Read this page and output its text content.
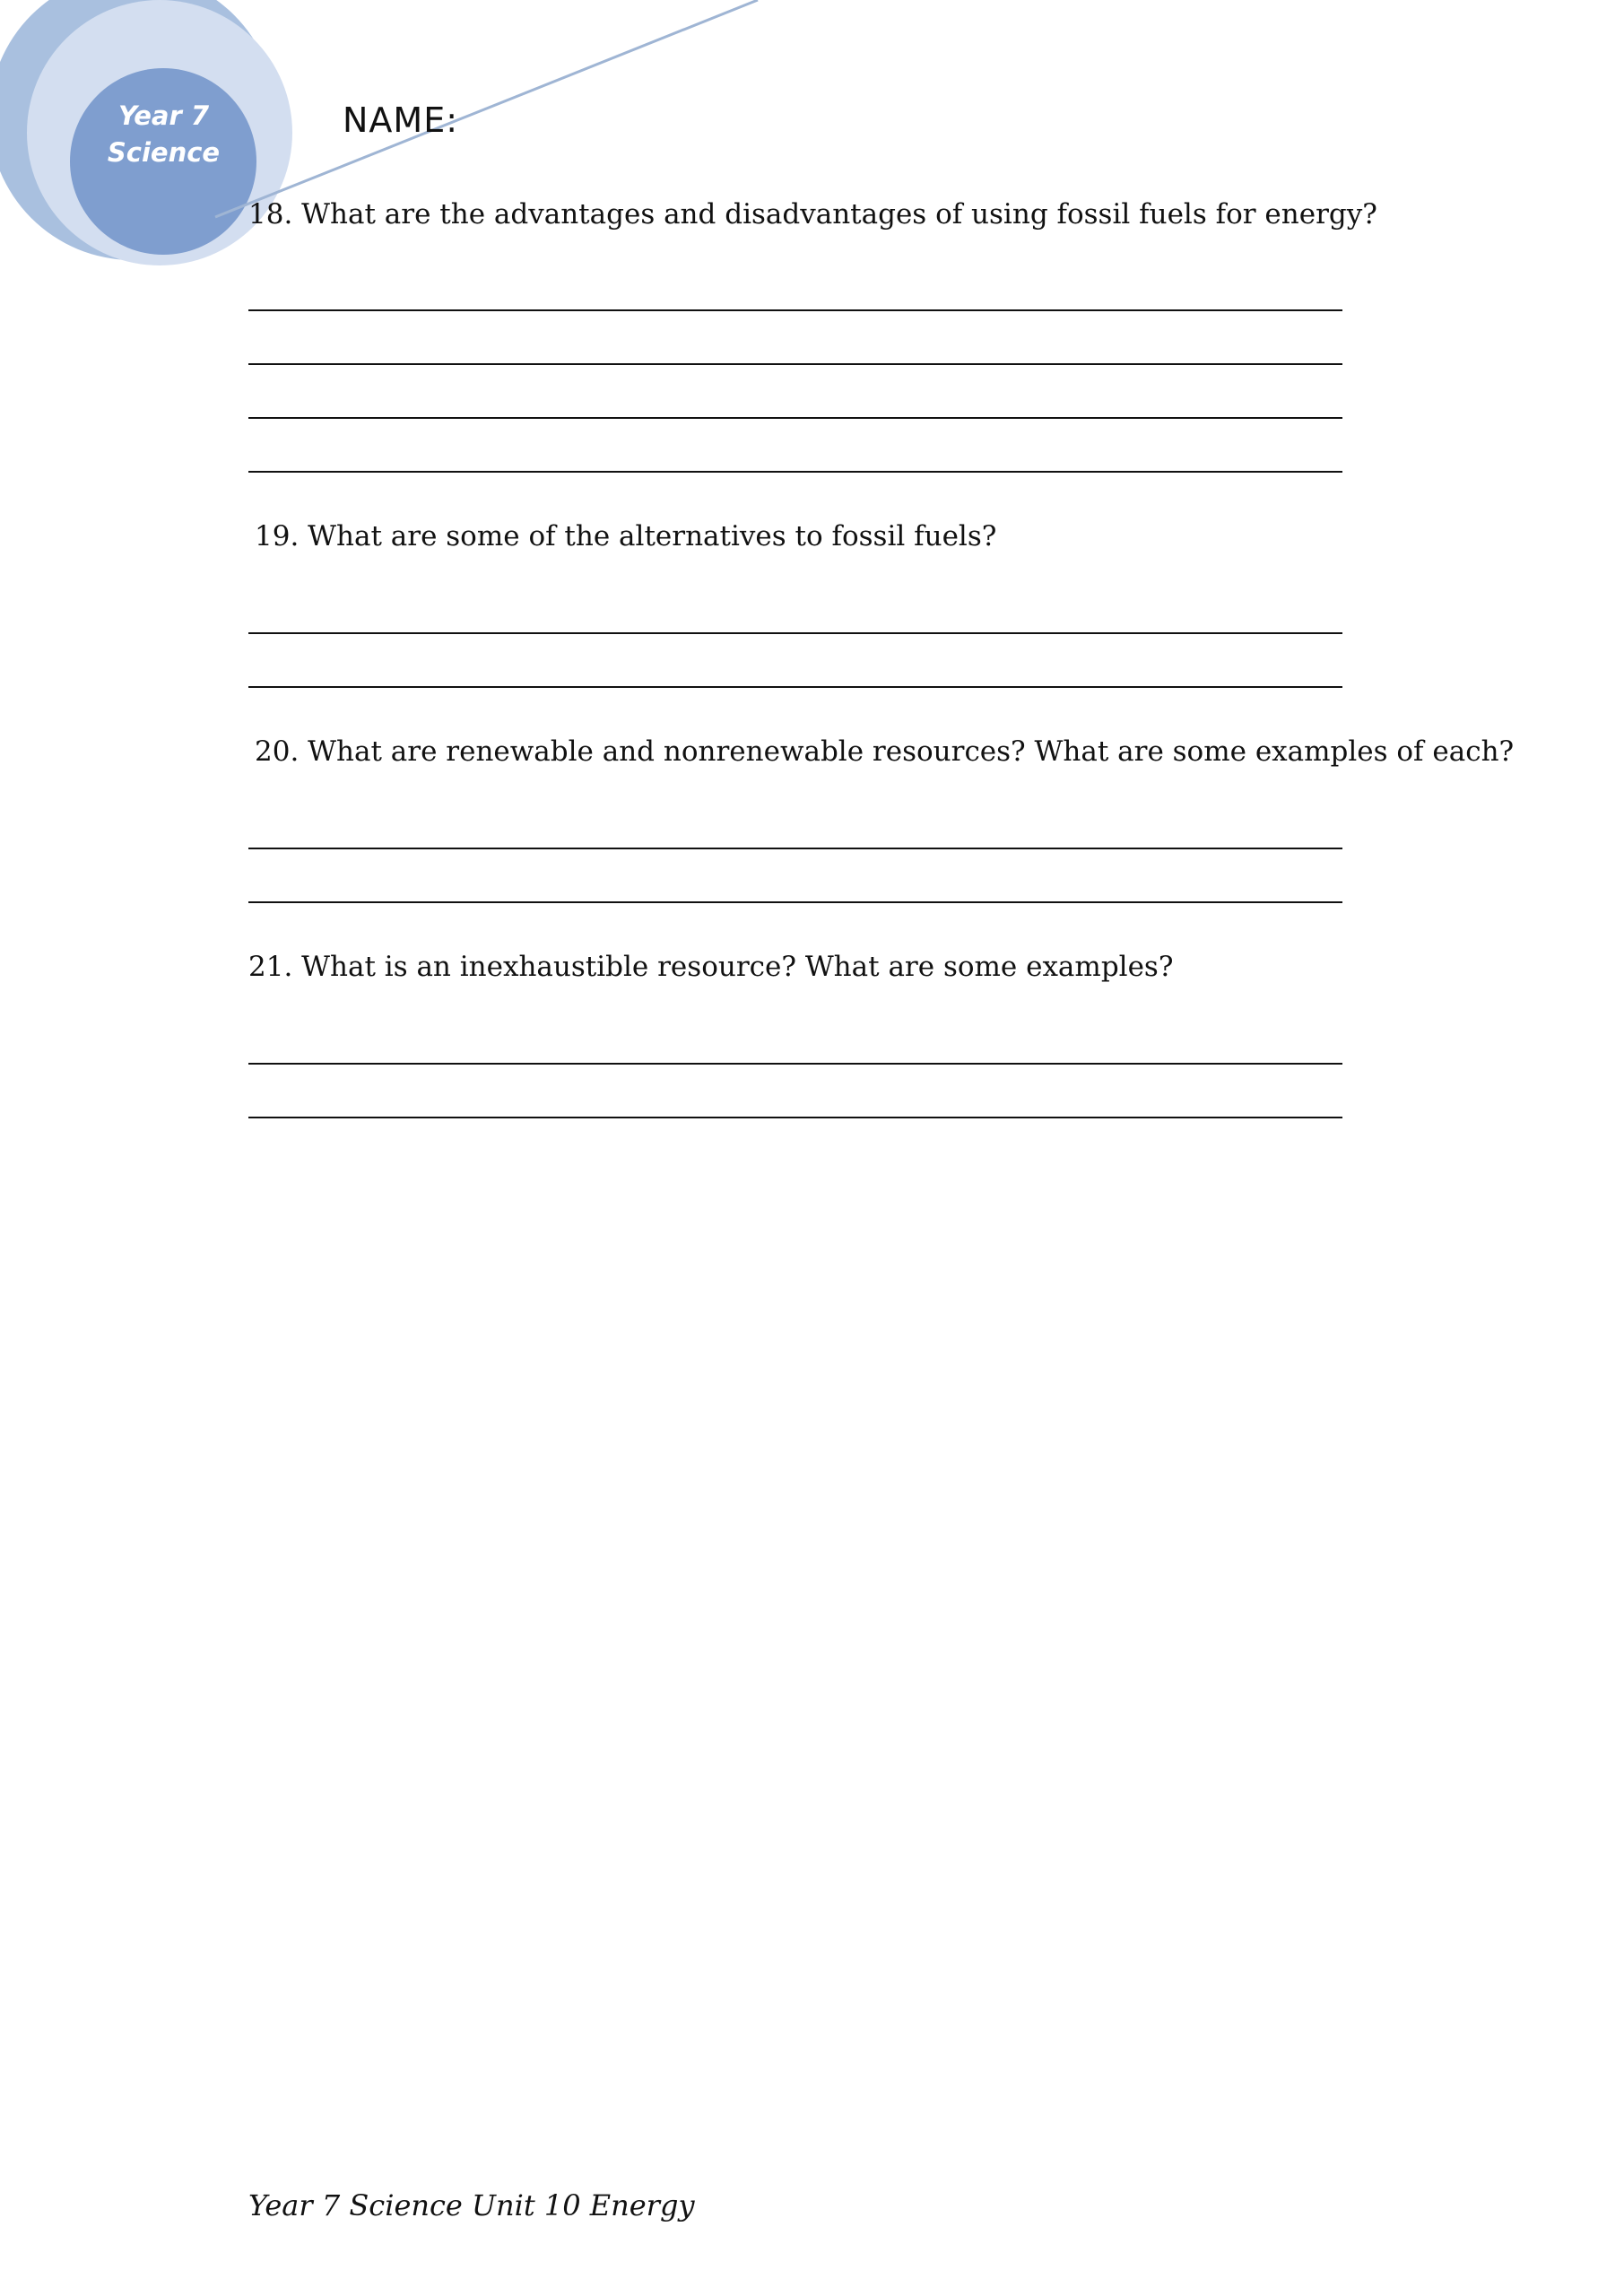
Year 7
Science
NAME:
18. What are the advantages and disadvantages of using fossil fuels for energy?
19. What are some of the alternatives to fossil fuels?
20. What are renewable and nonrenewable resources? What are some examples of each?
21. What is an inexhaustible resource? What are some examples?
Year 7 Science Unit 10 Energy
